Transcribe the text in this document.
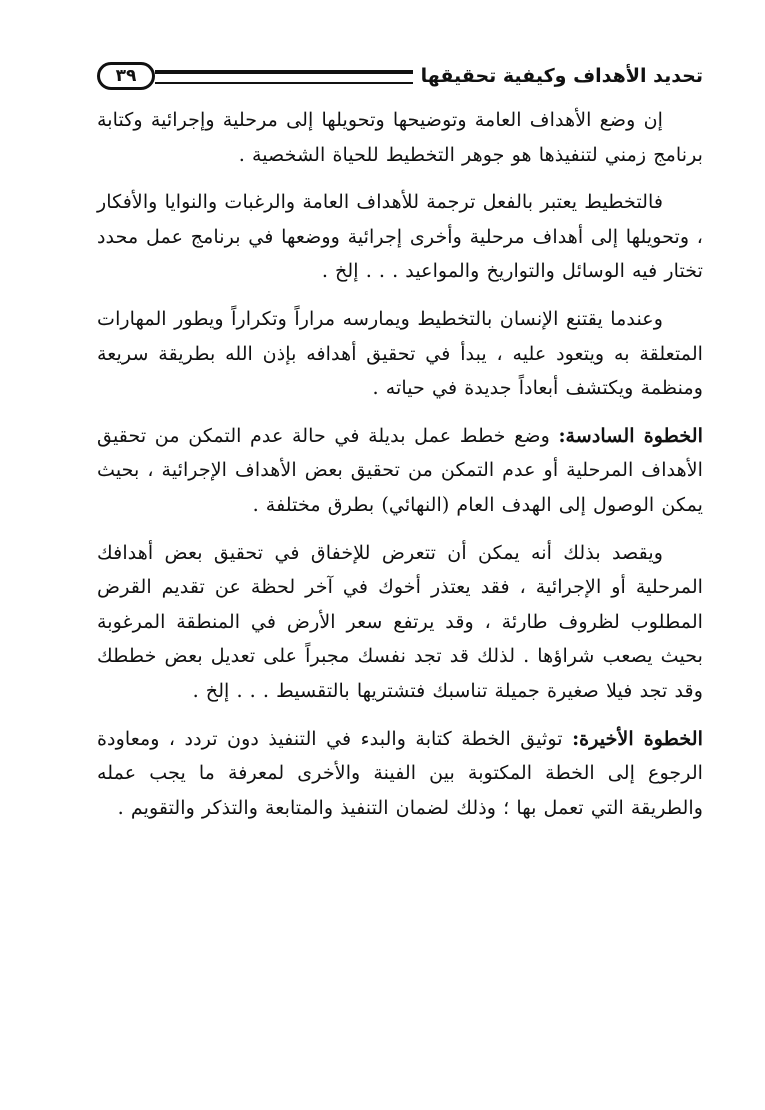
تحديد الأهداف وكيفية تحقيقها
٣٩

إن وضع الأهداف العامة وتوضيحها وتحويلها إلى مرحلية وإجرائية وكتابة برنامج زمني لتنفيذها هو جوهر التخطيط للحياة الشخصية .

فالتخطيط يعتبر بالفعل ترجمة للأهداف العامة والرغبات والنوايا والأفكار ، وتحويلها إلى أهداف مرحلية وأخرى إجرائية ووضعها في برنامج عمل محدد تختار فيه الوسائل والتواريخ والمواعيد . . . إلخ .

وعندما يقتنع الإنسان بالتخطيط ويمارسه مراراً وتكراراً ويطور المهارات المتعلقة به ويتعود عليه ، يبدأ في تحقيق أهدافه بإذن الله بطريقة سريعة ومنظمة ويكتشف أبعاداً جديدة في حياته .

الخطوة السادسة: وضع خطط عمل بديلة في حالة عدم التمكن من تحقيق الأهداف المرحلية أو عدم التمكن من تحقيق بعض الأهداف الإجرائية ، بحيث يمكن الوصول إلى الهدف العام (النهائي) بطرق مختلفة .

ويقصد بذلك أنه يمكن أن تتعرض للإخفاق في تحقيق بعض أهدافك المرحلية أو الإجرائية ، فقد يعتذر أخوك في آخر لحظة عن تقديم القرض المطلوب لظروف طارئة ، وقد يرتفع سعر الأرض في المنطقة المرغوبة بحيث يصعب شراؤها . لذلك قد تجد نفسك مجبراً على تعديل بعض خططك وقد تجد فيلا صغيرة جميلة تناسبك فتشتريها بالتقسيط . . . إلخ .

الخطوة الأخيرة: توثيق الخطة كتابة والبدء في التنفيذ دون تردد ، ومعاودة الرجوع إلى الخطة المكتوبة بين الفينة والأخرى لمعرفة ما يجب عمله والطريقة التي تعمل بها ؛ وذلك لضمان التنفيذ والمتابعة والتذكر والتقويم .
